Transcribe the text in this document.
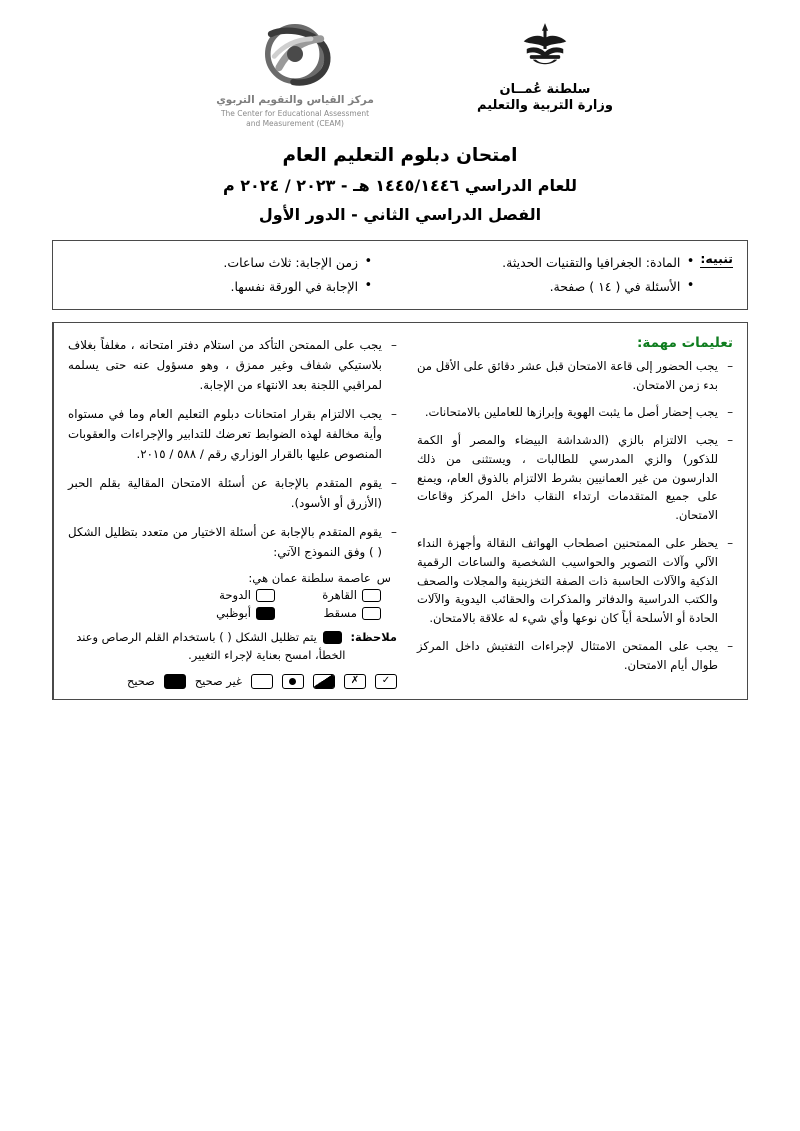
مركز القياس والتقويم التربوي
The Center for Educational Assessment
and Measurement (CEAM)
سلطنة عُمــان
وزارة التربية والتعليم
امتحان دبلوم التعليم العام
للعام الدراسي ١٤٤٥/١٤٤٦ هـ - ٢٠٢٣ / ٢٠٢٤ م
الفصل الدراسي الثاني - الدور الأول
تنبيه:
• المادة: الجغرافيا والتقنيات الحديثة.
• الأسئلة في ( ١٤ ) صفحة.
• زمن الإجابة: ثلاث ساعات.
• الإجابة في الورقة نفسها.
تعليمات مهمة:
– يجب الحضور إلى قاعة الامتحان قبل عشر دقائق على الأقل من بدء زمن الامتحان.
– يجب إحضار أصل ما يثبت الهوية وإبرازها للعاملين بالامتحانات.
– يجب الالتزام بالزي (الدشداشة البيضاء والمصر أو الكمة للذكور) والزي المدرسي للطالبات ، ويستثنى من ذلك الدارسون من غير العمانيين بشرط الالتزام بالذوق العام، ويمنع على جميع المتقدمات ارتداء النقاب داخل المركز وقاعات الامتحان.
– يحظر على الممتحنين اصطحاب الهواتف النقالة وأجهزة النداء الآلي وآلات التصوير والحواسيب الشخصية والساعات الرقمية الذكية والآلات الحاسبة ذات الصفة التخزينية والمجلات والصحف والكتب الدراسية والدفاتر والمذكرات والحقائب اليدوية والآلات الحادة أو الأسلحة أياً كان نوعها وأي شيء له علاقة بالامتحان.
– يجب على الممتحن الامتثال لإجراءات التفتيش داخل المركز طوال أيام الامتحان.
– يجب على الممتحن التأكد من استلام دفتر امتحانه ، مغلفاً بغلاف بلاستيكي شفاف وغير ممزق ، وهو مسؤول عنه حتى يسلمه لمراقبي اللجنة بعد الانتهاء من الإجابة.
– يجب الالتزام بقرار امتحانات دبلوم التعليم العام وما في مستواه وأية مخالفة لهذه الضوابط تعرضك للتدابير والإجراءات والعقوبات المنصوص عليها بالقرار الوزاري رقم / ٥٨٨ / ٢٠١٥.
– يقوم المتقدم بالإجابة عن أسئلة الامتحان المقالية بقلم الحبر (الأزرق أو الأسود).
– يقوم المتقدم بالإجابة عن أسئلة الاختيار من متعدد بتظليل الشكل ( ) وفق النموذج الآتي:
س
عاصمة سلطنة عمان هي:
القاهرة
الدوحة
مسقط
أبوظبي
ملاحظة:
يتم تظليل الشكل ( ) باستخدام القلم الرصاص وعند الخطأ، امسح بعناية لإجراء التغيير.
✓
✗
غير صحيح
صحيح
